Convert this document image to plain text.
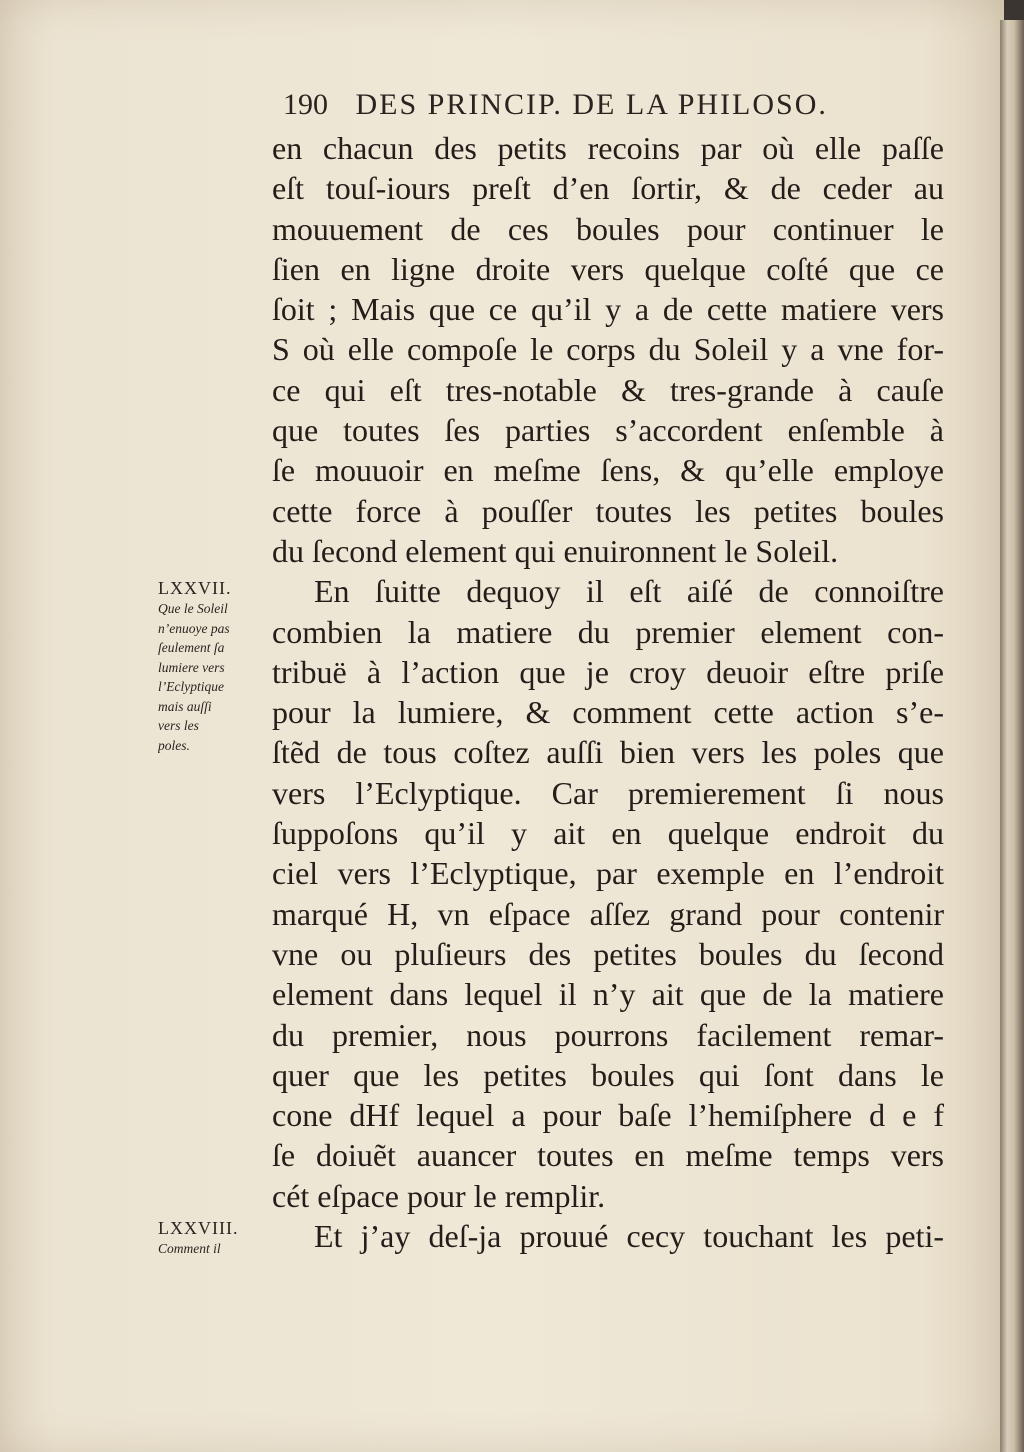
190 DES PRINCIP. DE LA PHILOSO.
en chacun des petits recoins par où elle paſſe
eſt touſ-iours preſt d’en ſortir, & de ceder au
mouuement de ces boules pour continuer le
ſien en ligne droite vers quelque coſté que ce
ſoit ; Mais que ce qu’il y a de cette matiere vers
S où elle compoſe le corps du Soleil y a vne for-
ce qui eſt tres-notable & tres-grande à cauſe
que toutes ſes parties s’accordent enſemble à
ſe mouuoir en meſme ſens, & qu’elle employe
cette force à pouſſer toutes les petites boules
du ſecond element qui enuironnent le Soleil.
En ſuitte dequoy il eſt aiſé de connoiſtre
combien la matiere du premier element con-
tribuë à l’action que je croy deuoir eſtre priſe
pour la lumiere, & comment cette action s’e-
ſtẽd de tous coſtez auſſi bien vers les poles que
vers l’Eclyptique. Car premierement ſi nous
ſuppoſons qu’il y ait en quelque endroit du
ciel vers l’Eclyptique, par exemple en l’endroit
marqué H, vn eſpace aſſez grand pour contenir
vne ou pluſieurs des petites boules du ſecond
element dans lequel il n’y ait que de la matiere
du premier, nous pourrons facilement remar-
quer que les petites boules qui ſont dans le
cone dHf lequel a pour baſe l’hemiſphere d e f
ſe doiuẽt auancer toutes en meſme temps vers
cét eſpace pour le remplir.
Et j’ay deſ-ja prouué cecy touchant les peti-
LXXVII.
Que le Soleil
n’enuoye pas
ſeulement ſa
lumiere vers
l’Eclyptique
mais auſſi
vers les
poles.
LXXVIII.
Comment il
